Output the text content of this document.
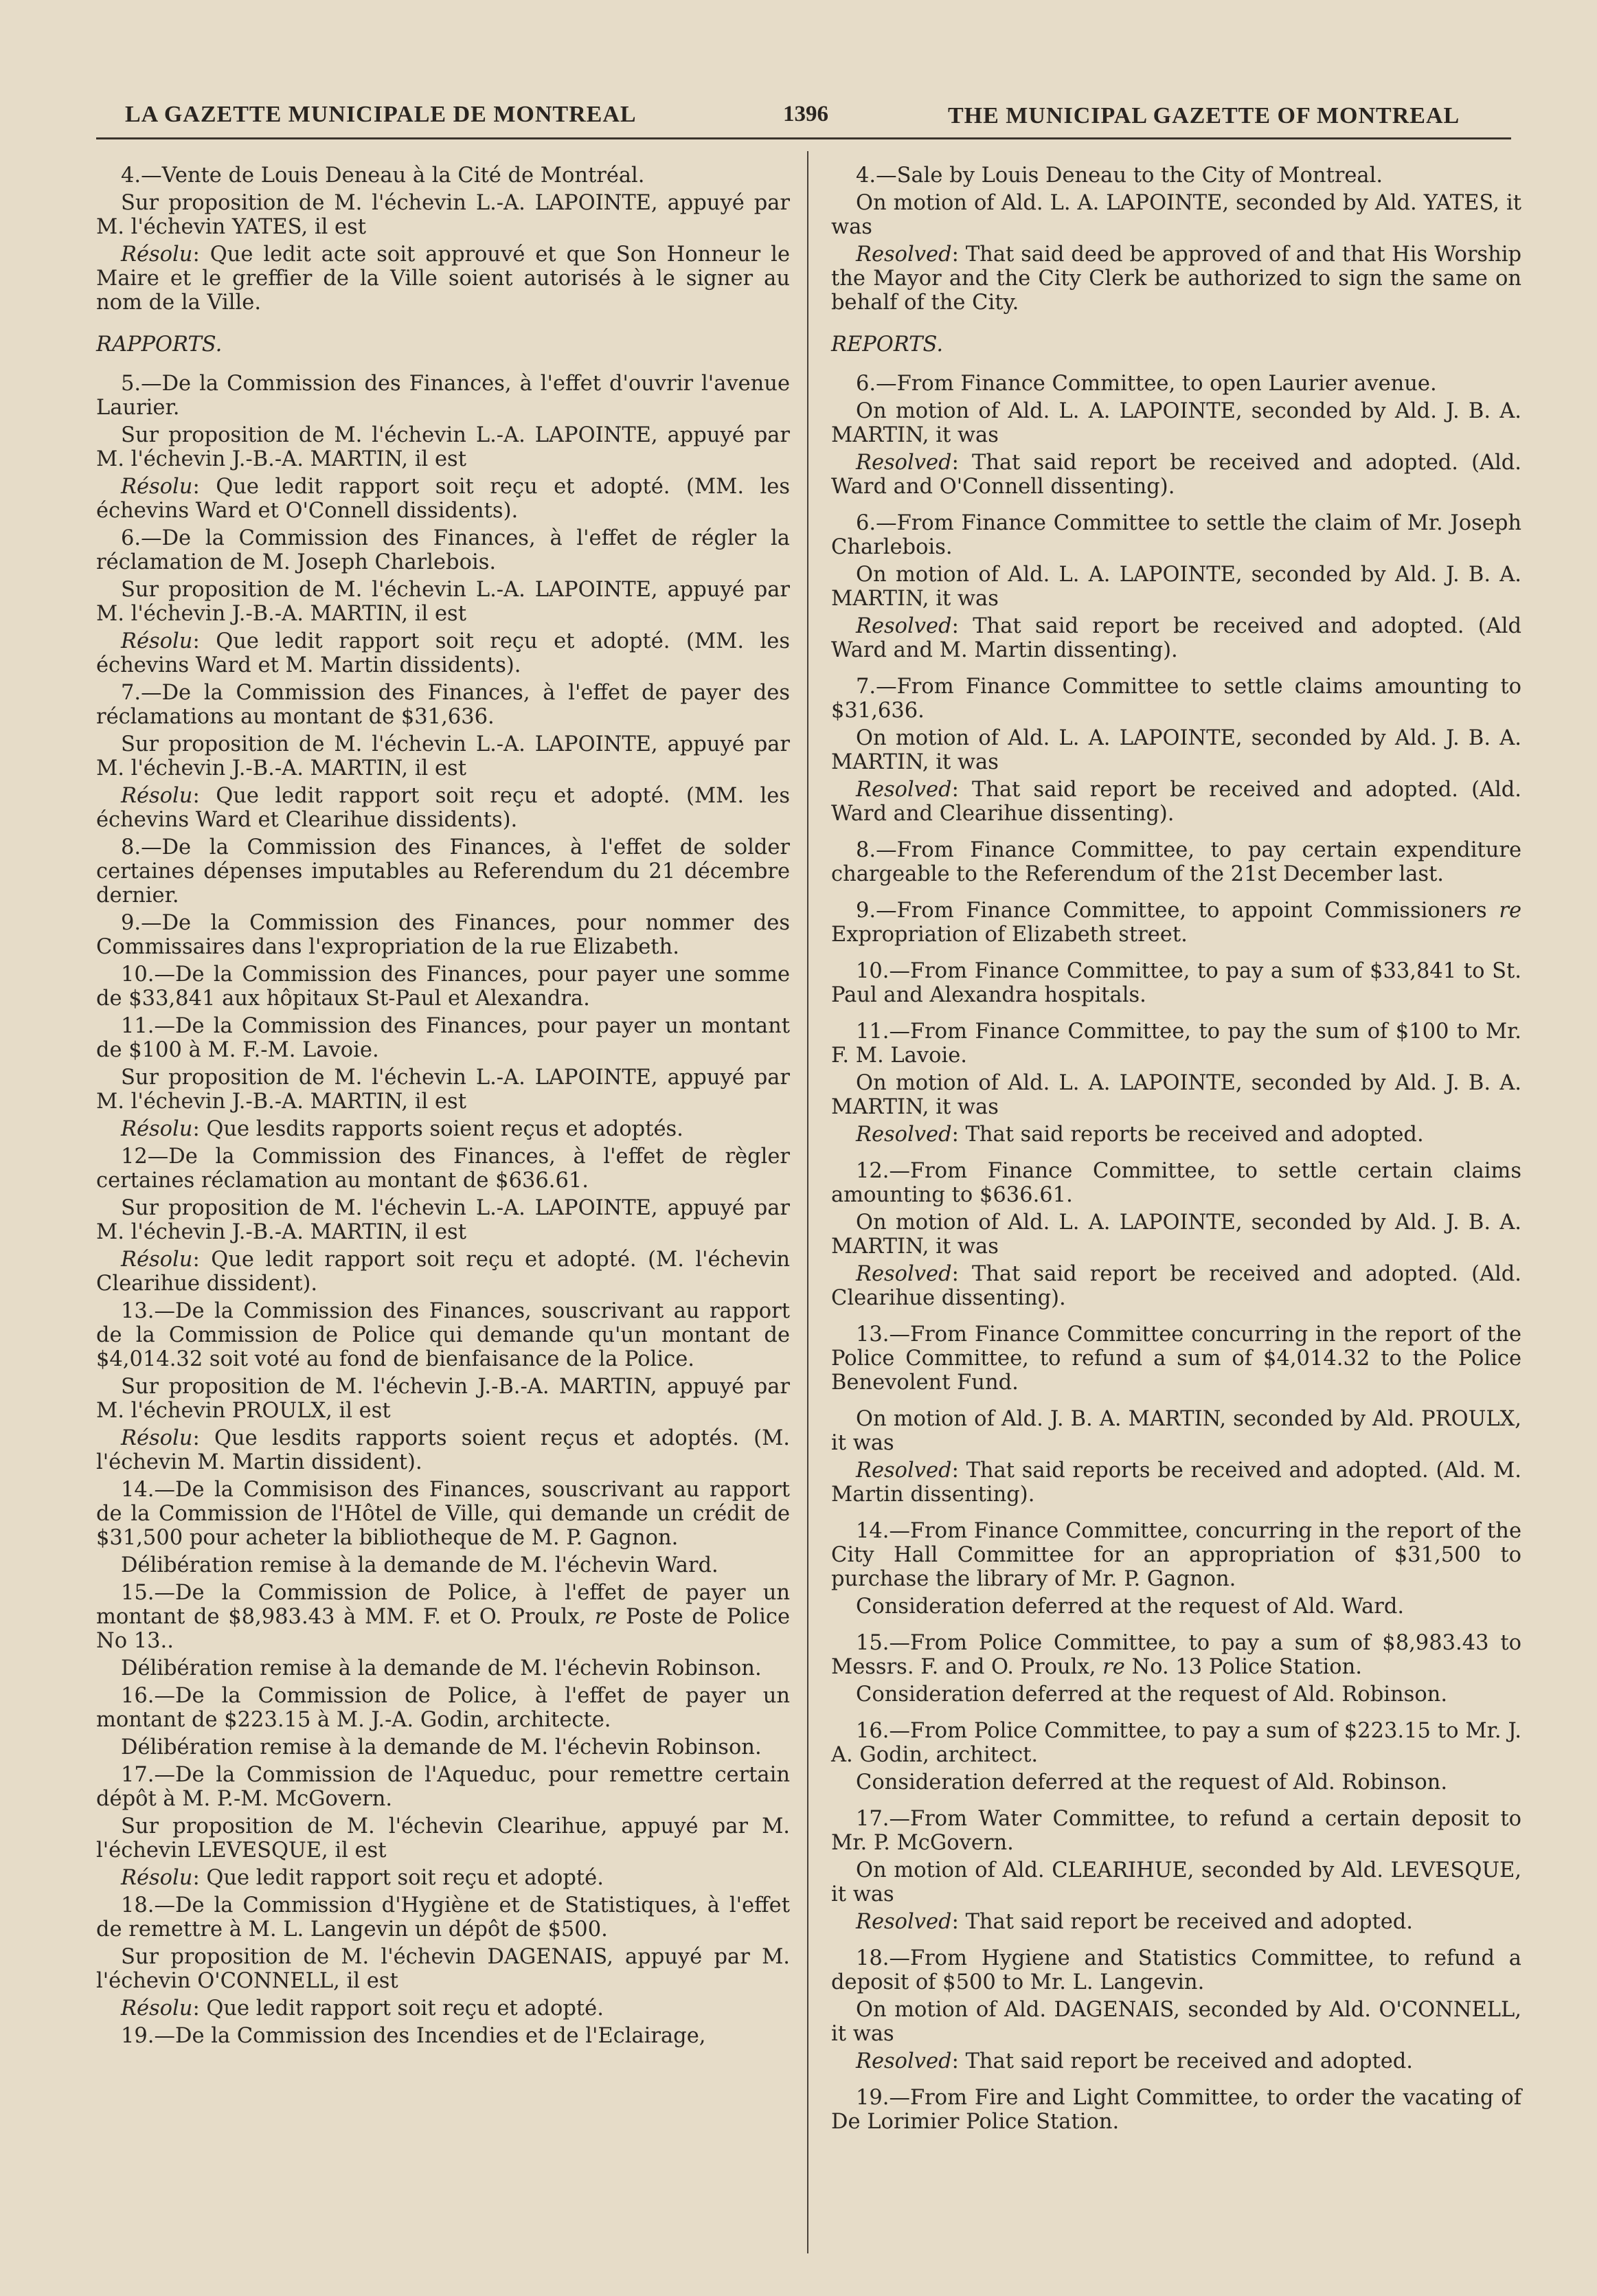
LA GAZETTE MUNICIPALE DE MONTREAL	1396	THE MUNICIPAL GAZETTE OF MONTREAL

4.—Vente de Louis Deneau à la Cité de Montréal.

Sur proposition de M. l'échevin L.-A. LAPOINTE, appuyé par M. l'échevin YATES, il est

Résolu: Que ledit acte soit approuvé et que Son Honneur le Maire et le greffier de la Ville soient autorisés à le signer au nom de la Ville.

RAPPORTS.

5.—De la Commission des Finances, à l'effet d'ouvrir l'avenue Laurier.

Sur proposition de M. l'échevin L.-A. LAPOINTE, appuyé par M. l'échevin J.-B.-A. MARTIN, il est

Résolu: Que ledit rapport soit reçu et adopté. (MM. les échevins Ward et O'Connell dissidents).

6.—De la Commission des Finances, à l'effet de régler la réclamation de M. Joseph Charlebois.

Sur proposition de M. l'échevin L.-A. LAPOINTE, appuyé par M. l'échevin J.-B.-A. MARTIN, il est

Résolu: Que ledit rapport soit reçu et adopté. (MM. les échevins Ward et M. Martin dissidents).

7.—De la Commission des Finances, à l'effet de payer des réclamations au montant de $31,636.

Sur proposition de M. l'échevin L.-A. LAPOINTE, appuyé par M. l'échevin J.-B.-A. MARTIN, il est

Résolu: Que ledit rapport soit reçu et adopté. (MM. les échevins Ward et Clearihue dissidents).

8.—De la Commission des Finances, à l'effet de solder certaines dépenses imputables au Referendum du 21 décembre dernier.

9.—De la Commission des Finances, pour nommer des Commissaires dans l'expropriation de la rue Elizabeth.

10.—De la Commission des Finances, pour payer une somme de $33,841 aux hôpitaux St-Paul et Alexandra.

11.—De la Commission des Finances, pour payer un montant de $100 à M. F.-M. Lavoie.

Sur proposition de M. l'échevin L.-A. LAPOINTE, appuyé par M. l'échevin J.-B.-A. MARTIN, il est

Résolu: Que lesdits rapports soient reçus et adoptés.

12—De la Commission des Finances, à l'effet de règler certaines réclamation au montant de $636.61.

Sur proposition de M. l'échevin L.-A. LAPOINTE, appuyé par M. l'échevin J.-B.-A. MARTIN, il est

Résolu: Que ledit rapport soit reçu et adopté. (M. l'échevin Clearihue dissident).

13.—De la Commission des Finances, souscrivant au rapport de la Commission de Police qui demande qu'un montant de $4,014.32 soit voté au fond de bienfaisance de la Police.

Sur proposition de M. l'échevin J.-B.-A. MARTIN, appuyé par M. l'échevin PROULX, il est

Résolu: Que lesdits rapports soient reçus et adoptés. (M. l'échevin M. Martin dissident).

14.—De la Commisison des Finances, souscrivant au rapport de la Commission de l'Hôtel de Ville, qui demande un crédit de $31,500 pour acheter la bibliotheque de M. P. Gagnon.

Délibération remise à la demande de M. l'échevin Ward.

15.—De la Commission de Police, à l'effet de payer un montant de $8,983.43 à MM. F. et O. Proulx, re Poste de Police No 13..

Délibération remise à la demande de M. l'échevin Robinson.

16.—De la Commission de Police, à l'effet de payer un montant de $223.15 à M. J.-A. Godin, architecte.

Délibération remise à la demande de M. l'échevin Robinson.

17.—De la Commission de l'Aqueduc, pour remettre certain dépôt à M. P.-M. McGovern.

Sur proposition de M. l'échevin Clearihue, appuyé par M. l'échevin LEVESQUE, il est

Résolu: Que ledit rapport soit reçu et adopté.

18.—De la Commission d'Hygiène et de Statistiques, à l'effet de remettre à M. L. Langevin un dépôt de $500.

Sur proposition de M. l'échevin DAGENAIS, appuyé par M. l'échevin O'CONNELL, il est

Résolu: Que ledit rapport soit reçu et adopté.

19.—De la Commission des Incendies et de l'Eclairage,

4.—Sale by Louis Deneau to the City of Montreal.

On motion of Ald. L. A. LAPOINTE, seconded by Ald. YATES, it was

Resolved: That said deed be approved of and that His Worship the Mayor and the City Clerk be authorized to sign the same on behalf of the City.

REPORTS.

6.—From Finance Committee, to open Laurier avenue.

On motion of Ald. L. A. LAPOINTE, seconded by Ald. J. B. A. MARTIN, it was

Resolved: That said report be received and adopted. (Ald. Ward and O'Connell dissenting).

6.—From Finance Committee to settle the claim of Mr. Joseph Charlebois.

On motion of Ald. L. A. LAPOINTE, seconded by Ald. J. B. A. MARTIN, it was

Resolved: That said report be received and adopted. (Ald Ward and M. Martin dissenting).

7.—From Finance Committee to settle claims amounting to $31,636.

On motion of Ald. L. A. LAPOINTE, seconded by Ald. J. B. A. MARTIN, it was

Resolved: That said report be received and adopted. (Ald. Ward and Clearihue dissenting).

8.—From Finance Committee, to pay certain expenditure chargeable to the Referendum of the 21st December last.

9.—From Finance Committee, to appoint Commissioners re Expropriation of Elizabeth street.

10.—From Finance Committee, to pay a sum of $33,841 to St. Paul and Alexandra hospitals.

11.—From Finance Committee, to pay the sum of $100 to Mr. F. M. Lavoie.

On motion of Ald. L. A. LAPOINTE, seconded by Ald. J. B. A. MARTIN, it was

Resolved: That said reports be received and adopted.

12.—From Finance Committee, to settle certain claims amounting to $636.61.

On motion of Ald. L. A. LAPOINTE, seconded by Ald. J. B. A. MARTIN, it was

Resolved: That said report be received and adopted. (Ald. Clearihue dissenting).

13.—From Finance Committee concurring in the report of the Police Committee, to refund a sum of $4,014.32 to the Police Benevolent Fund.

On motion of Ald. J. B. A. MARTIN, seconded by Ald. PROULX, it was

Resolved: That said reports be received and adopted. (Ald. M. Martin dissenting).

14.—From Finance Committee, concurring in the report of the City Hall Committee for an appropriation of $31,500 to purchase the library of Mr. P. Gagnon.

Consideration deferred at the request of Ald. Ward.

15.—From Police Committee, to pay a sum of $8,983.43 to Messrs. F. and O. Proulx, re No. 13 Police Station.

Consideration deferred at the request of Ald. Robinson.

16.—From Police Committee, to pay a sum of $223.15 to Mr. J. A. Godin, architect.

Consideration deferred at the request of Ald. Robinson.

17.—From Water Committee, to refund a certain deposit to Mr. P. McGovern.

On motion of Ald. CLEARIHUE, seconded by Ald. LEVESQUE, it was

Resolved: That said report be received and adopted.

18.—From Hygiene and Statistics Committee, to refund a deposit of $500 to Mr. L. Langevin.

On motion of Ald. DAGENAIS, seconded by Ald. O'CONNELL, it was

Resolved: That said report be received and adopted.

19.—From Fire and Light Committee, to order the vacating of De Lorimier Police Station.
